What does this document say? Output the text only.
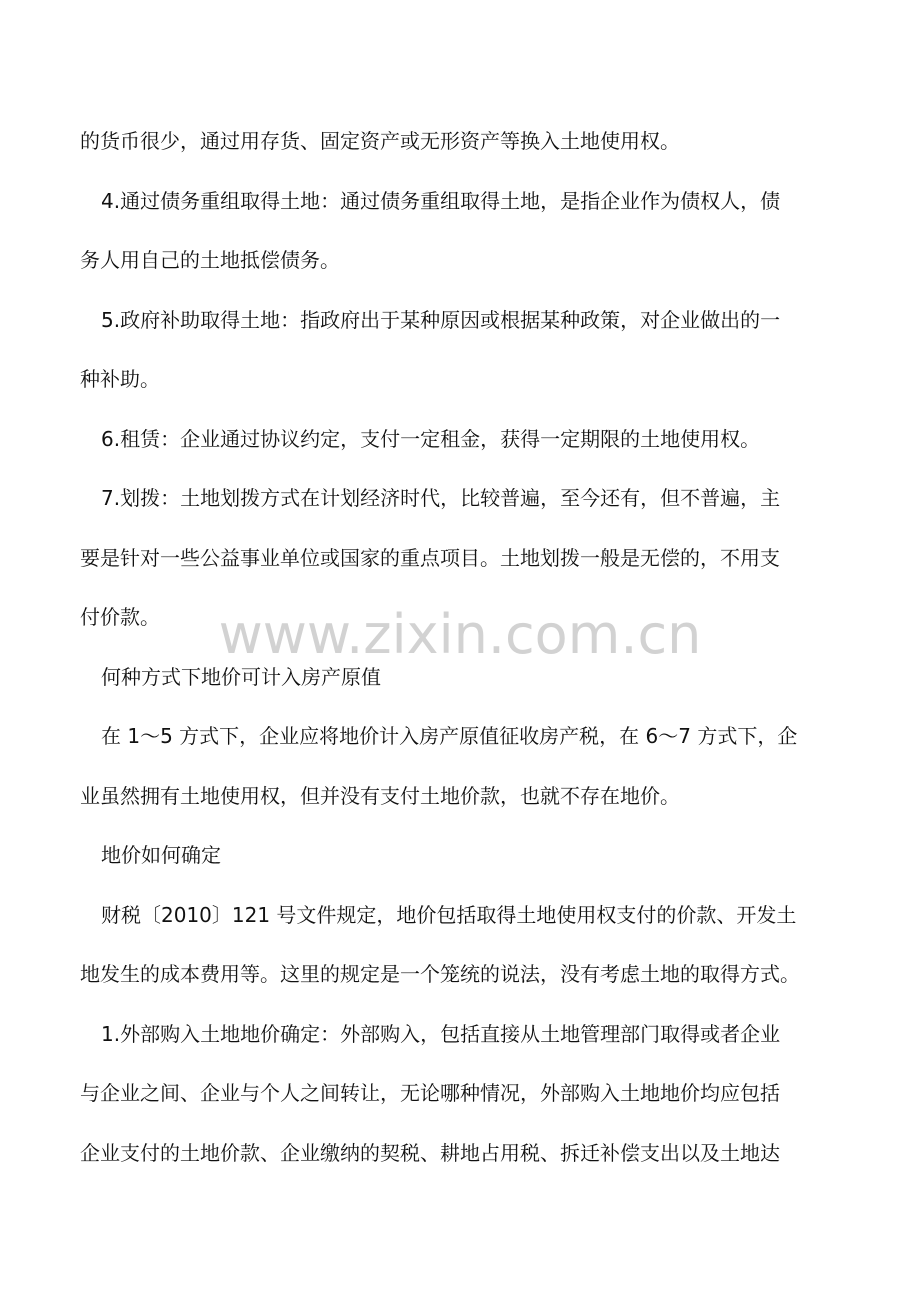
的货币很少，通过用存货、固定资产或无形资产等换入土地使用权。
4.通过债务重组取得土地：通过债务重组取得土地，是指企业作为债权人，债
务人用自己的土地抵偿债务。
5.政府补助取得土地：指政府出于某种原因或根据某种政策，对企业做出的一
种补助。
6.租赁：企业通过协议约定，支付一定租金，获得一定期限的土地使用权。
7.划拨：土地划拨方式在计划经济时代，比较普遍，至今还有，但不普遍，主
要是针对一些公益事业单位或国家的重点项目。土地划拨一般是无偿的，不用支
付价款。
何种方式下地价可计入房产原值
在 1～5 方式下，企业应将地价计入房产原值征收房产税，在 6～7 方式下，企
业虽然拥有土地使用权，但并没有支付土地价款，也就不存在地价。
地价如何确定
财税〔2010〕121 号文件规定，地价包括取得土地使用权支付的价款、开发土
地发生的成本费用等。这里的规定是一个笼统的说法，没有考虑土地的取得方式。
1.外部购入土地地价确定：外部购入，包括直接从土地管理部门取得或者企业
与企业之间、企业与个人之间转让，无论哪种情况，外部购入土地地价均应包括
企业支付的土地价款、企业缴纳的契税、耕地占用税、拆迁补偿支出以及土地达
www.zixin.com.cn
